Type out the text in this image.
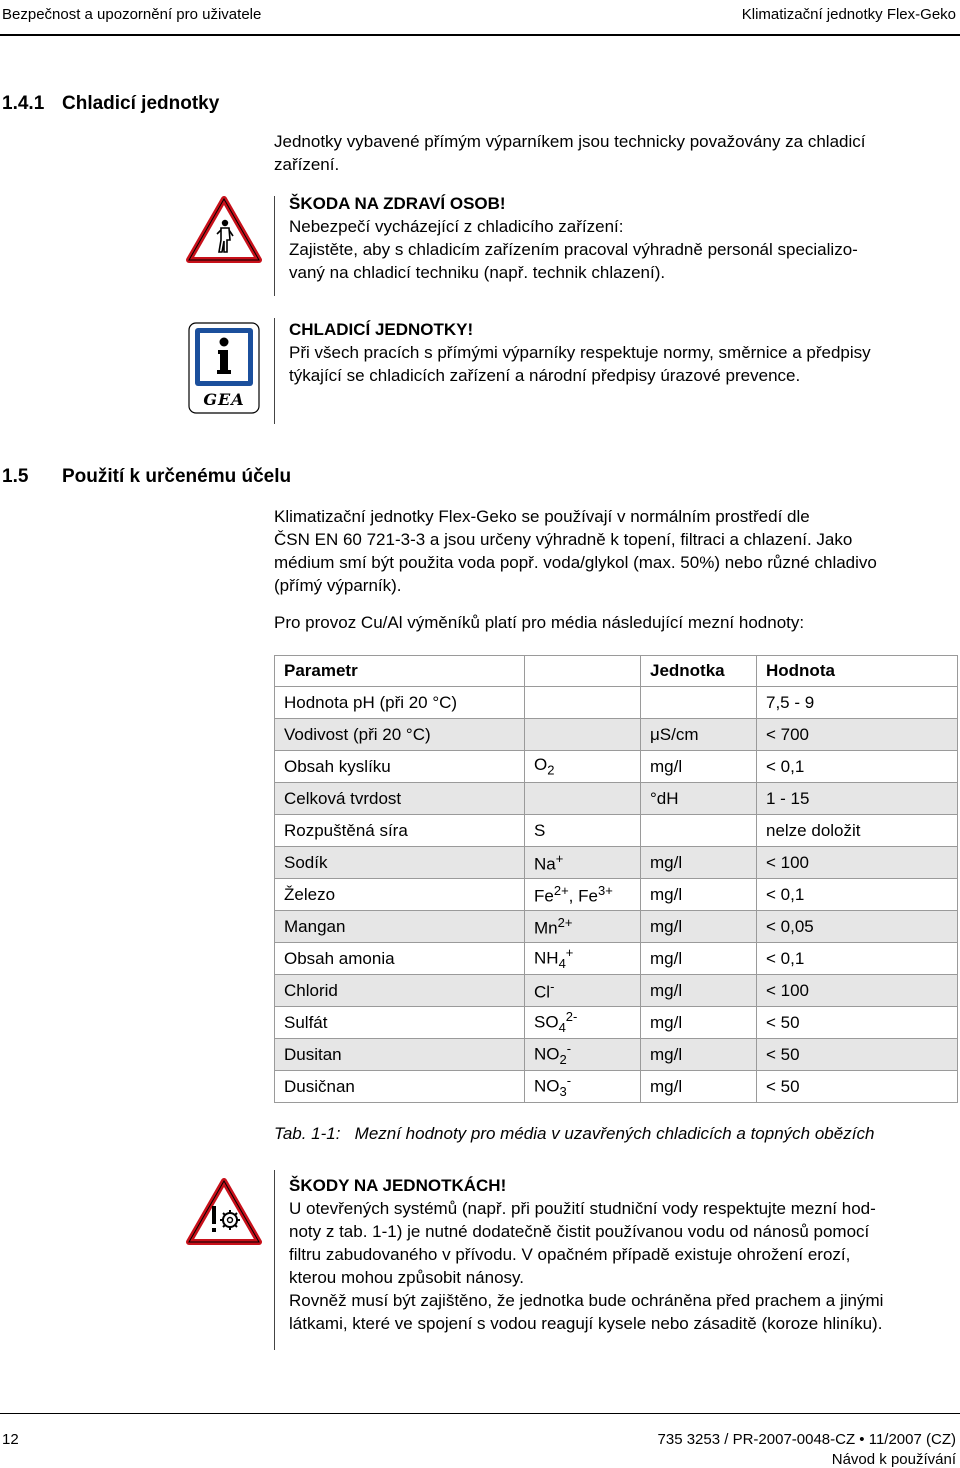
Bezpečnost a upozornění pro uživatele	Klimatizační jednotky Flex-Geko
1.4.1 Chladicí jednotky
Jednotky vybavené přímým výparníkem jsou technicky považovány za chladicí
zařízení.
ŠKODA NA ZDRAVÍ OSOB!
Nebezpečí vycházející z chladicího zařízení:
Zajistěte, aby s chladicím zařízením pracoval výhradně personál specializo-
vaný na chladicí techniku (např. technik chlazení).
GEA
CHLADICÍ JEDNOTKY!
Při všech pracích s přímými výparníky respektuje normy, směrnice a předpisy
týkající se chladicích zařízení a národní předpisy úrazové prevence.
1.5 Použití k určenému účelu
Klimatizační jednotky Flex-Geko se používají v normálním prostředí dle
ČSN EN 60 721-3-3 a jsou určeny výhradně k topení, filtraci a chlazení. Jako
médium smí být použita voda popř. voda/glykol (max. 50%) nebo různé chladivo
(přímý výparník).
Pro provoz Cu/Al výměníků platí pro média následující mezní hodnoty:
Parametr		Jednotka	Hodnota
Hodnota pH (při 20 °C)			7,5 - 9
Vodivost (při 20 °C)		μS/cm	< 700
Obsah kyslíku	$O_2$	mg/l	< 0,1
Celková tvrdost		°dH	1 - 15
Rozpuštěná síra	S		nelze doložit
Sodík	Na+	mg/l	< 100
Železo	$Fe^{2+}$, $Fe^{3+}$	mg/l	< 0,1
Mangan	$Mn^{2+}$	mg/l	< 0,05
Obsah amonia	$NH_4^+$	mg/l	< 0,1
Chlorid	Cl-	mg/l	< 100
Sulfát	$SO_4^{2-}$	mg/l	< 50
Dusitan	$NO_2^-$	mg/l	< 50
Dusičnan	$NO_3^-$	mg/l	< 50
Tab. 1-1: Mezní hodnoty pro média v uzavřených chladicích a topných obězích
ŠKODY NA JEDNOTKÁCH!
U otevřených systémů (např. při použití studniční vody respektujte mezní hod-
noty z tab. 1-1) je nutné dodatečně čistit používanou vodu od nánosů pomocí
filtru zabudovaného v přívodu. V opačném případě existuje ohrožení erozí,
kterou mohou způsobit nánosy.
Rovněž musí být zajištěno, že jednotka bude ochráněna před prachem a jinými
látkami, které ve spojení s vodou reagují kysele nebo zásaditě (koroze hliníku).
12	735 3253 / PR-2007-0048-CZ • 11/2007 (CZ)
Návod k používání
